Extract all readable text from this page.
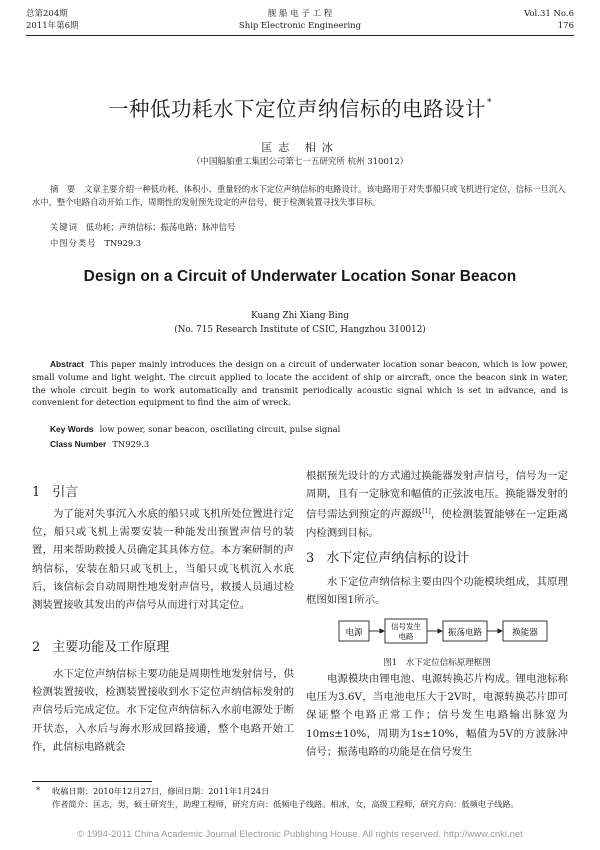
总第204期
2011年第6期
舰 船 电 子 工 程
Ship Electronic Engineering
Vol.31 No.6
176
一种低功耗水下定位声纳信标的电路设计*
匡志 相冰
（中国船舶重工集团公司第七一五研究所 杭州 310012）

摘 要 文章主要介绍一种低功耗、体积小、重量轻的水下定位声纳信标的电路设计。该电路用于对失事船只或飞机进行定位，信标一旦沉入水中，整个电路自动开始工作，周期性的发射预先设定的声信号，便于检测装置寻找失事目标。

关键词 低功耗；声纳信标；振荡电路；脉冲信号
中图分类号 TN929.3
Design on a Circuit of Underwater Location Sonar Beacon
Kuang Zhi Xiang Bing
(No. 715 Research Institute of CSIC, Hangzhou 310012)

Abstract This paper mainly introduces the design on a circuit of underwater location sonar beacon, which is low power, small volume and light weight. The circuit applied to locate the accident of ship or aircraft, once the beacon sink in water, the whole circuit begin to work automatically and transmit periodically acoustic signal which is set in advance, and is convenient for detection equipment to find the aim of wreck.

Key Words low power, sonar beacon, oscillating circuit, pulse signal
Class Number TN929.3
1 引言

为了能对失事沉入水底的船只或飞机所处位置进行定位，船只或飞机上需要安装一种能发出预置声信号的装置，用来帮助救援人员确定其具体方位。本方案研制的声纳信标，安装在船只或飞机上，当船只或飞机沉入水底后，该信标会自动周期性地发射声信号，救援人员通过检测装置接收其发出的声信号从而进行对其定位。

2 主要功能及工作原理

水下定位声纳信标主要功能是周期性地发射信号，供检测装置接收，检测装置接收到水下定位声纳信标发射的声信号后完成定位。水下定位声纳信标入水前电源处于断开状态，入水后与海水形成回路接通，整个电路开始工作，此信标电路就会

根据预先设计的方式通过换能器发射声信号，信号为一定周期，且有一定脉宽和幅值的正弦波电压。换能器发射的信号需达到预定的声源级[1]，使检测装置能够在一定距离内检测到目标。

3 水下定位声纳信标的设计

水下定位声纳信标主要由四个功能模块组成，其原理框图如图1所示。

电源
信号发生
电路	振荡电路	换能器
图1　水下定位信标原理框图

电源模块由锂电池、电源转换芯片构成。锂电池标称电压为3.6V，当电池电压大于2V时，电源转换芯片即可保证整个电路正常工作；信号发生电路输出脉宽为10ms±10%，周期为1s±10%，幅值为5V的方波脉冲信号；振荡电路的功能是在信号发生

* 收稿日期：2010年12月27日，修回日期：2011年1月24日
作者简介：匡志，男，硕士研究生，助理工程师，研究方向：低频电子线路。相冰，女，高级工程师，研究方向：低频电子线路。
© 1994-2011 China Academic Journal Electronic Publishing House. All rights reserved. http://www.cnki.net
